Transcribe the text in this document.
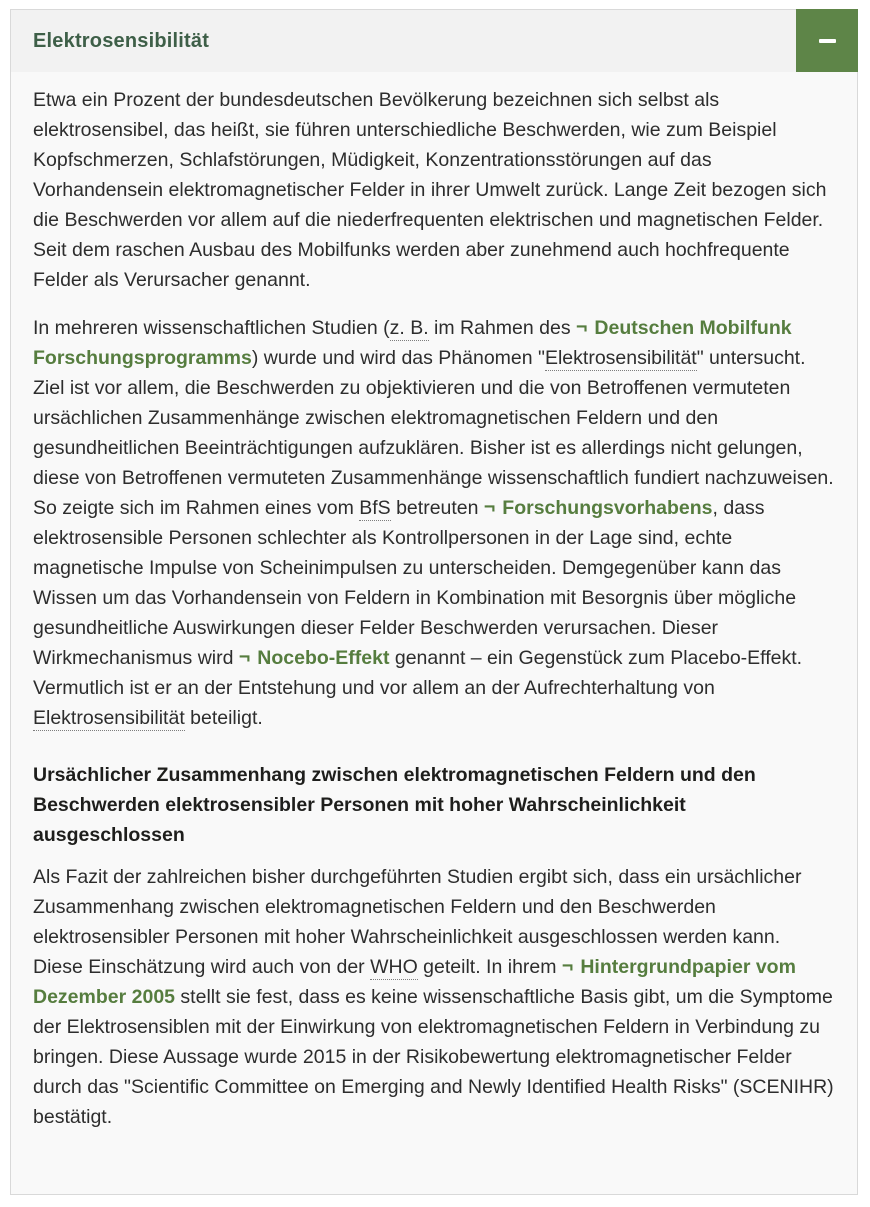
Elektrosensibilität

Etwa ein Prozent der bundesdeutschen Bevölkerung bezeichnen sich selbst als elektrosensibel, das heißt, sie führen unterschiedliche Beschwerden, wie zum Beispiel Kopfschmerzen, Schlafstörungen, Müdigkeit, Konzentrationsstörungen auf das Vorhandensein elektromagnetischer Felder in ihrer Umwelt zurück. Lange Zeit bezogen sich die Beschwerden vor allem auf die niederfrequenten elektrischen und magnetischen Felder. Seit dem raschen Ausbau des Mobilfunks werden aber zunehmend auch hochfrequente Felder als Verursacher genannt.

In mehreren wissenschaftlichen Studien (z. B. im Rahmen des ¬ Deutschen Mobilfunk Forschungsprogramms) wurde und wird das Phänomen "Elektrosensibilität" untersucht. Ziel ist vor allem, die Beschwerden zu objektivieren und die von Betroffenen vermuteten ursächlichen Zusammenhänge zwischen elektromagnetischen Feldern und den gesundheitlichen Beeinträchtigungen aufzuklären. Bisher ist es allerdings nicht gelungen, diese von Betroffenen vermuteten Zusammenhänge wissenschaftlich fundiert nachzuweisen. So zeigte sich im Rahmen eines vom BfS betreuten ¬ Forschungsvorhabens, dass elektrosensible Personen schlechter als Kontrollpersonen in der Lage sind, echte magnetische Impulse von Scheinimpulsen zu unterscheiden. Demgegenüber kann das Wissen um das Vorhandensein von Feldern in Kombination mit Besorgnis über mögliche gesundheitliche Auswirkungen dieser Felder Beschwerden verursachen. Dieser Wirkmechanismus wird ¬ Nocebo-Effekt genannt – ein Gegenstück zum Placebo-Effekt. Vermutlich ist er an der Entstehung und vor allem an der Aufrechterhaltung von Elektrosensibilität beteiligt.

Ursächlicher Zusammenhang zwischen elektromagnetischen Feldern und den Beschwerden elektrosensibler Personen mit hoher Wahrscheinlichkeit ausgeschlossen

Als Fazit der zahlreichen bisher durchgeführten Studien ergibt sich, dass ein ursächlicher Zusammenhang zwischen elektromagnetischen Feldern und den Beschwerden elektrosensibler Personen mit hoher Wahrscheinlichkeit ausgeschlossen werden kann. Diese Einschätzung wird auch von der WHO geteilt. In ihrem ¬ Hintergrundpapier vom Dezember 2005 stellt sie fest, dass es keine wissenschaftliche Basis gibt, um die Symptome der Elektrosensiblen mit der Einwirkung von elektromagnetischen Feldern in Verbindung zu bringen. Diese Aussage wurde 2015 in der Risikobewertung elektromagnetischer Felder durch das "Scientific Committee on Emerging and Newly Identified Health Risks" (SCENIHR) bestätigt.
